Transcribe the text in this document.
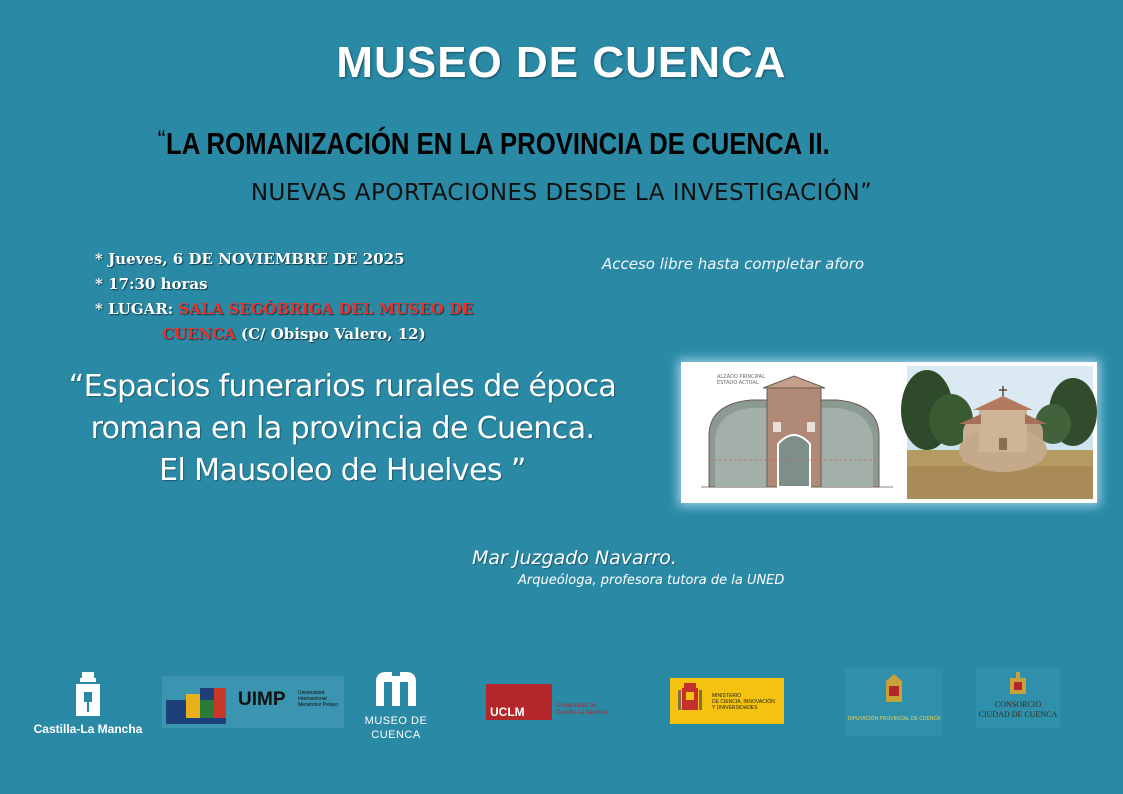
MUSEO DE CUENCA
“LA ROMANIZACIÓN EN LA PROVINCIA DE CUENCA II.
NUEVAS APORTACIONES DESDE LA INVESTIGACIÓN”
* Jueves, 6 DE NOVIEMBRE DE 2025
* 17:30 horas
* LUGAR: SALA SEGÓBRIGA DEL MUSEO DE
CUENCA (C/ Obispo Valero, 12)
Acceso libre hasta completar aforo
“Espacios funerarios rurales de época
romana en la provincia de Cuenca.
El Mausoleo de Huelves ”
ALZADO PRINCIPAL
ESTADO ACTUAL
Mar Juzgado Navarro.
Arqueóloga, profesora tutora de la UNED
Castilla-La Mancha
UIMP	Universidad Internacional Menéndez Pelayo
MUSEO DE
CUENCA
UCLM	Universidad de
Castilla-La Mancha
MINISTERIO
DE CIENCIA, INNOVACIÓN
Y UNIVERSIDADES
DIPUTACIÓN PROVINCIAL DE CUENCA
CONSORCIO
CIUDAD DE CUENCA
